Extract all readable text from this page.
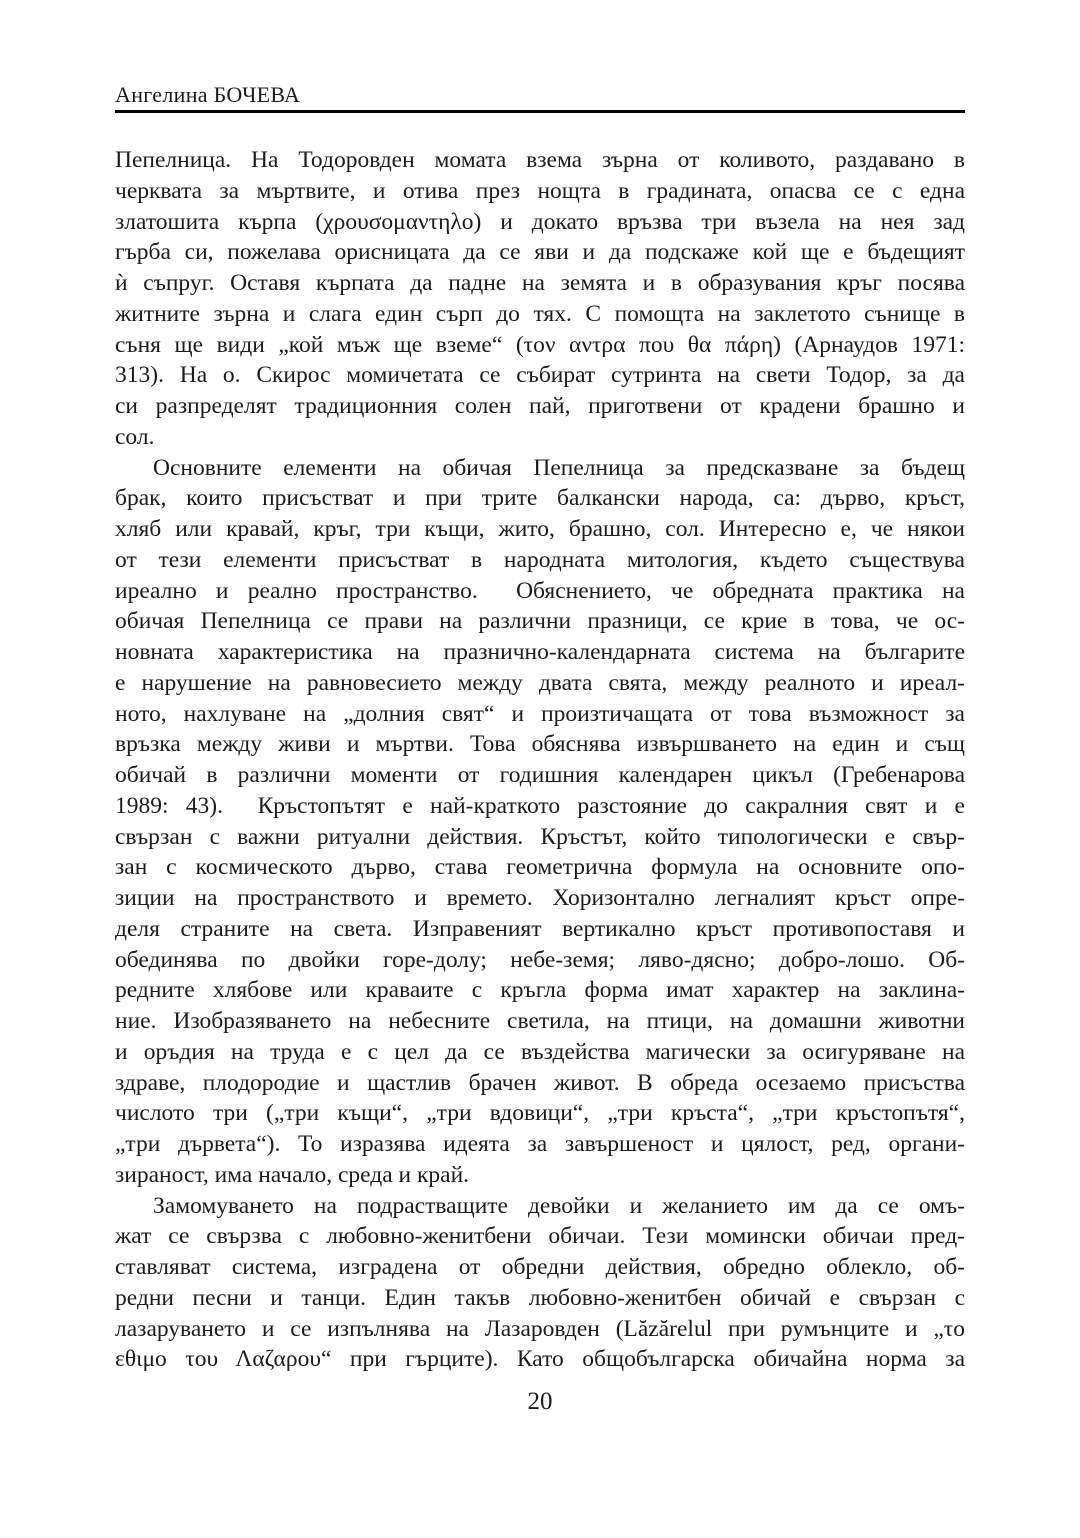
Ангелина БОЧЕВА
Пепелница. На Тодоровден момата взема зърна от коливото, раздавано в
черквата за мъртвите, и отива през нощта в градината, опасва се с една
златошита кърпа (χρουσομαντηλο) и докато връзва три възела на нея зад
гърба си, пожелава орисницата да се яви и да подскаже кой ще е бъдещият
ѝ съпруг. Оставя кърпата да падне на земята и в образувания кръг посява
житните зърна и слага един сърп до тях. С помощта на заклетото сънище в
съня ще види „кой мъж ще вземе“ (τον αντρα που θα πάρη) (Арнаудов 1971:
313). На о. Скирос момичетата се събират сутринта на свети Тодор, за да
си разпределят традиционния солен пай, приготвени от крадени брашно и
сол.
Основните елементи на обичая Пепелница за предсказване за бъдещ
брак, които присъстват и при трите балкански народа, са: дърво, кръст,
хляб или кравай, кръг, три къщи, жито, брашно, сол. Интересно е, че някои
от тези елементи присъстват в народната митология, където съществува
иреално и реално пространство.  Обяснението, че обредната практика на
обичая Пепелница се прави на различни празници, се крие в това, че ос-
новната характеристика на празнично-календарната система на българите
е нарушение на равновесието между двата свята, между реалното и иреал-
ното, нахлуване на „долния свят“ и произтичащата от това възможност за
връзка между живи и мъртви. Това обяснява извършването на един и същ
обичай в различни моменти от годишния календарен цикъл (Гребенарова
1989: 43).  Кръстопътят е най-краткото разстояние до сакралния свят и е
свързан с важни ритуални действия. Кръстът, който типологически е свър-
зан с космическото дърво, става геометрична формула на основните опо-
зиции на пространството и времето. Хоризонтално легналият кръст опре-
деля страните на света. Изправеният вертикално кръст противопоставя и
обединява по двойки горе-долу; небе-земя; ляво-дясно; добро-лошо. Об-
редните хлябове или краваите с кръгла форма имат характер на заклина-
ние. Изобразяването на небесните светила, на птици, на домашни животни
и оръдия на труда е с цел да се въздейства магически за осигуряване на
здраве, плодородие и щастлив брачен живот. В обреда осезаемо присъства
числото три („три къщи“, „три вдовици“, „три кръста“, „три кръстопътя“,
„три дървета“). То изразява идеята за завършеност и цялост, ред, органи-
зираност, има начало, среда и край.
Замомуването на подрастващите девойки и желанието им да се омъ-
жат се свързва с любовно-женитбени обичаи. Тези момински обичаи пред-
ставляват система, изградена от обредни действия, обредно облекло, об-
редни песни и танци. Един такъв любовно-женитбен обичай е свързан с
лазаруването и се изпълнява на Лазаровден (Lăzărelul при румънците и „το
εθιμο του Λαζαρου“ при гърците). Като общобългарска обичайна норма за
20
